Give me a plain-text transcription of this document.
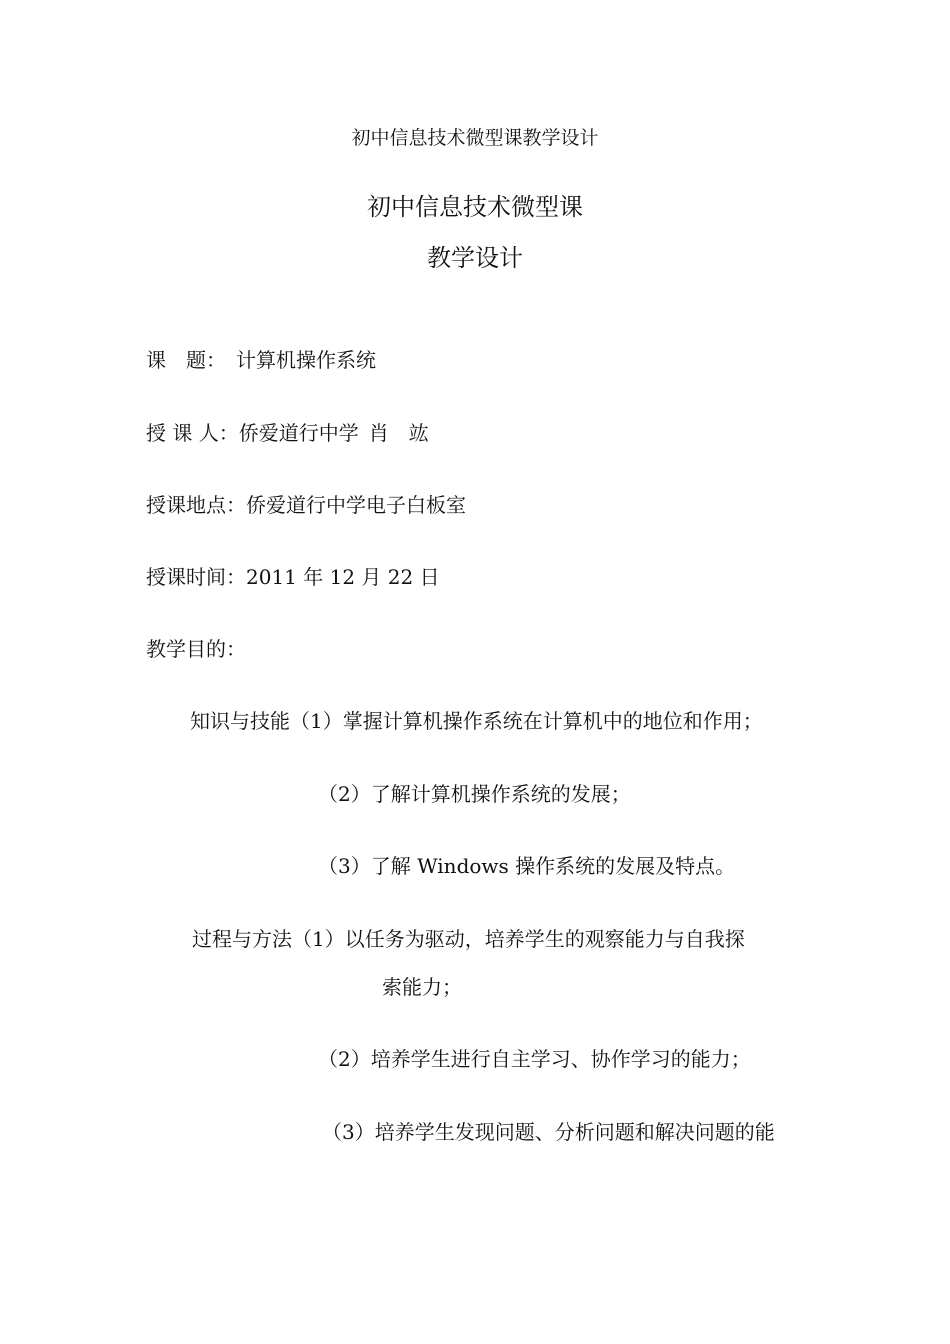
初中信息技术微型课教学设计
初中信息技术微型课
教学设计
课　题： 计算机操作系统
授 课 人：侨爱道行中学 肖　竑
授课地点：侨爱道行中学电子白板室
授课时间：2011 年 12 月 22 日
教学目的：
知识与技能（1）掌握计算机操作系统在计算机中的地位和作用；
（2）了解计算机操作系统的发展；
（3）了解 Windows 操作系统的发展及特点。
过程与方法（1）以任务为驱动，培养学生的观察能力与自我探
索能力；
（2）培养学生进行自主学习、协作学习的能力；
（3）培养学生发现问题、分析问题和解决问题的能
